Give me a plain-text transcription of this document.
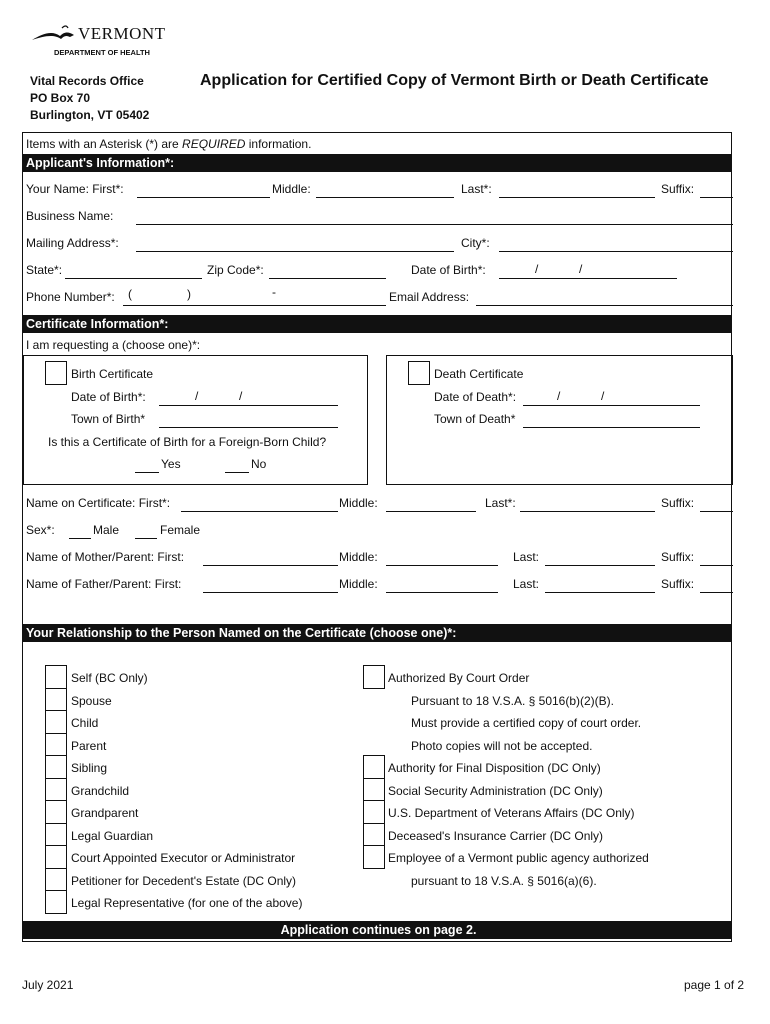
VERMONT
DEPARTMENT OF HEALTH
Vital Records Office
PO Box 70
Burlington, VT 05402
Application for Certified Copy of Vermont Birth or Death Certificate
Items with an Asterisk (*) are REQUIRED information.
Applicant's Information*:
Your Name: First*:	Middle:	Last*:	Suffix:
Business Name:
Mailing Address*:	City*:
State*:	Zip Code*:	Date of Birth*:	/	/
Phone Number*: (	)	-	Email Address:
Certificate Information*:
I am requesting a (choose one)*:
Birth Certificate
Date of Birth*:	/	/
Town of Birth*
Is this a Certificate of Birth for a Foreign-Born Child?
Yes	No
Death Certificate
Date of Death*:	/	/
Town of Death*
Name on Certificate: First*:	Middle:	Last*:	Suffix:
Sex*:	Male	Female
Name of Mother/Parent: First:	Middle:	Last:	Suffix:
Name of Father/Parent: First:	Middle:	Last:	Suffix:
Your Relationship to the Person Named on the Certificate (choose one)*:
Self (BC Only)
Spouse
Child
Parent
Sibling
Grandchild
Grandparent
Legal Guardian
Court Appointed Executor or Administrator
Petitioner for Decedent's Estate (DC Only)
Legal Representative (for one of the above)
Authorized By Court Order
Pursuant to 18 V.S.A. § 5016(b)(2)(B).
Must provide a certified copy of court order.
Photo copies will not be accepted.
Authority for Final Disposition (DC Only)
Social Security Administration (DC Only)
U.S. Department of Veterans Affairs (DC Only)
Deceased's Insurance Carrier (DC Only)
Employee of a Vermont public agency authorized
pursuant to 18 V.S.A. § 5016(a)(6).
Application continues on page 2.
July 2021	page 1 of 2
